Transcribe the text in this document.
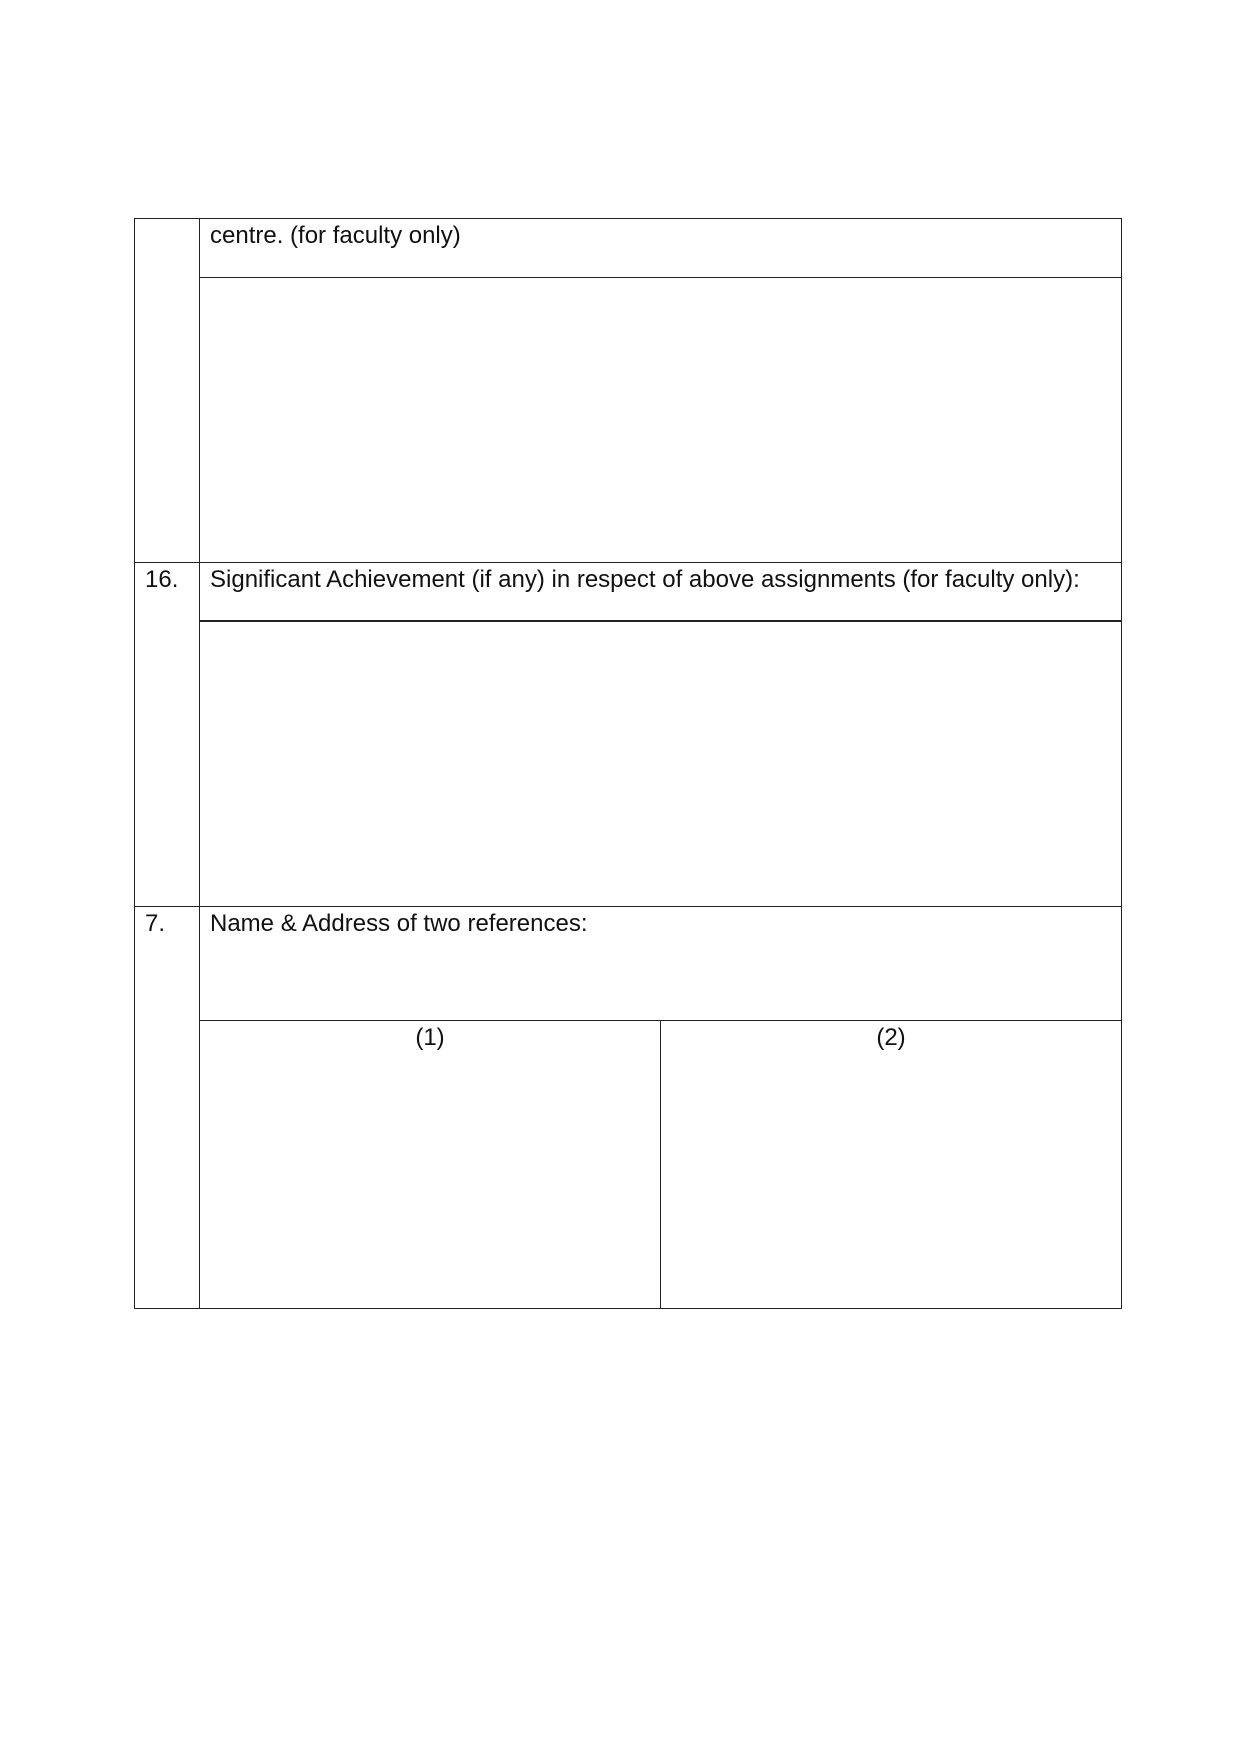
centre. (for faculty only)
16. Significant Achievement (if any) in respect of above assignments (for faculty only):
7. Name & Address of two references:
(1)	(2)
